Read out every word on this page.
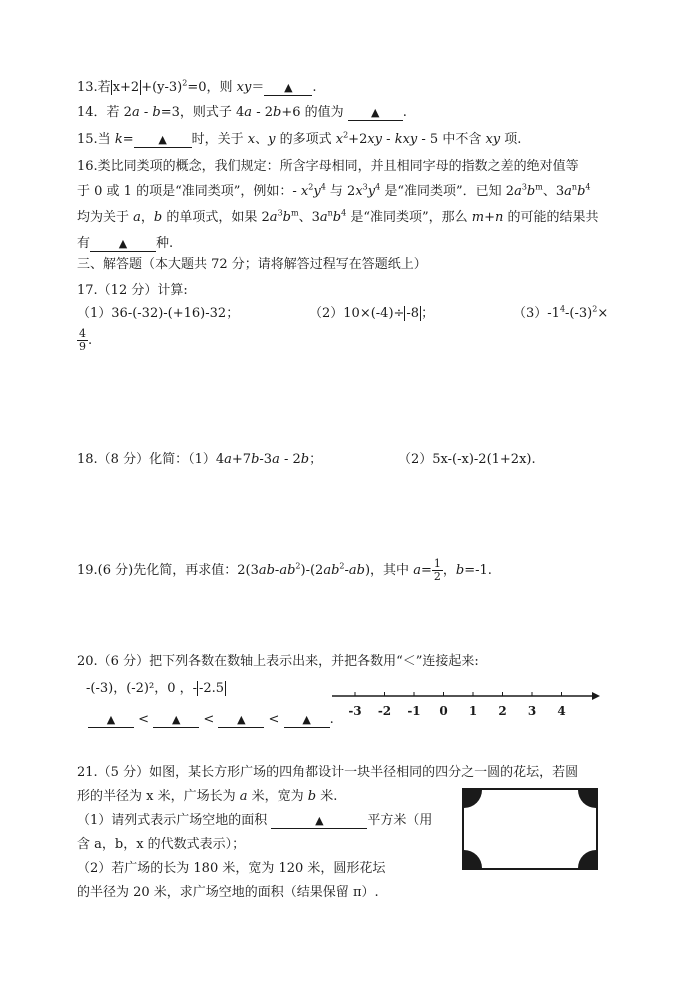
13.若 $x+2 +(y-3)^2=0$，则 xy＝ ▲ .
14．若 2a - b=3，则式子 4a - 2b+6 的值为 ▲ .
15.当 k= ▲ 时，关于 x、y 的多项式 $x^2+2xy$ - kxy - 5 中不含 xy 项.
16.类比同类项的概念，我们规定：所含字母相同，并且相同字母的指数之差的绝对值等
于 0 或 1 的项是“准同类项”，例如：- $x^2y^4$ 与 $2x^3y^4$ 是“准同类项”．已知 $2a^3b^m$、$3a^nb^4$
均为关于 a，b 的单项式，如果 $2a^3b^m$、$3a^nb^4$ 是“准同类项”，那么 m+n 的可能的结果共
有	▲ 种.
三、解答题（本大题共 72 分；请将解答过程写在答题纸上）
17.（12 分）计算:
（1）36-(-32)-(+16)-32；	（2）10×(-4)÷ -8 ；	$(3)-1^4-(-3)^2\times$
$\frac{4}{9}$ .
18.（8 分）化简：（1）4a+7b-3a - 2b；	（2）5x-(-x)-2(1+2x).
19.(6 分)先化简，再求值：$2(3ab-ab^2)-(2ab^2-ab)$，其中 $a= \frac{1}{2}$ ，b=-1.
20.（6 分）把下列各数在数轴上表示出来，并把各数用“＜”连接起来:
-(-3)，(-2)²，0 ，- -2.5
▲ < ▲ < ▲ < ▲ .
-3 -2 -1 0 1 2 3 4
21.（5 分）如图，某长方形广场的四角都设计一块半径相同的四分之一圆的花坛，若圆
形的半径为 x 米，广场长为 a 米，宽为 b 米.
（1）请列式表示广场空地的面积	▲	平方米（用
含 a，b，x 的代数式表示）；
（2）若广场的长为 180 米，宽为 120 米，圆形花坛
的半径为 20 米，求广场空地的面积（结果保留 π）.
